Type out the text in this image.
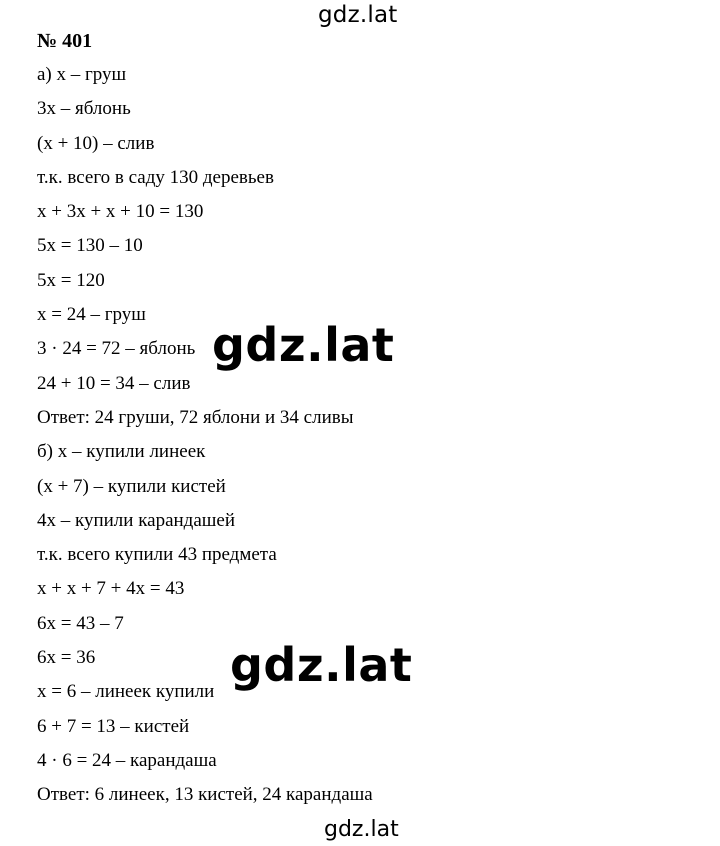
gdz.lat
№ 401
а) х – груш
3х – яблонь
(х + 10) – слив
т.к. всего в саду 130 деревьев
х + 3х + х + 10 = 130
5х = 130 – 10
5х = 120
х = 24 – груш
3 · 24 = 72 – яблонь
24 + 10 = 34 – слив
Ответ: 24 груши, 72 яблони и 34 сливы
б) х – купили линеек
(х + 7) – купили кистей
4х – купили карандашей
т.к. всего купили 43 предмета
х + х + 7 + 4х = 43
6х = 43 – 7
6х = 36
х = 6 – линеек купили
6 + 7 = 13 – кистей
4 · 6 = 24 – карандаша
Ответ: 6 линеек, 13 кистей, 24 карандаша
gdz.lat
gdz.lat
gdz.lat
